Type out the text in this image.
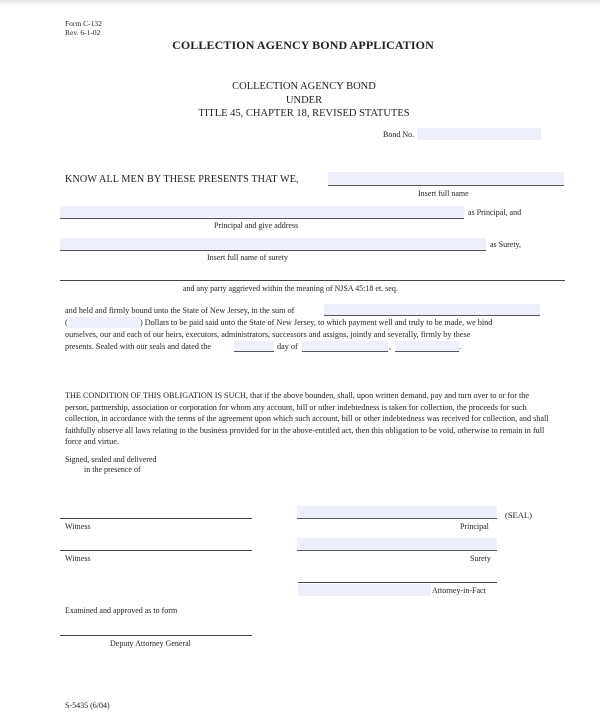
Form C-132
Rev. 6-1-02
COLLECTION AGENCY BOND APPLICATION
COLLECTION AGENCY BOND
UNDER
TITLE 45, CHAPTER 18, REVISED STATUTES
Bond No.
KNOW ALL MEN BY THESE PRESENTS THAT WE,
Insert full name
as Principal, and
Principal and give address
as Surety,
Insert full name of surety
and any party aggrieved within the meaning of NJSA 45:18 et. seq.
and held and firmly bound unto the State of New Jersey, in the sum of
(	) Dollars to be paid said unto the State of New Jersey, to which payment well and truly to be made, we bind
ourselves, our and each of our heirs, executors, administrators, successors and assigns, jointly and severally, firmly by these
presents. Sealed with our seals and dated the	day of	,	.
THE CONDITION OF THIS OBLIGATION IS SUCH, that if the above bounden, shall, upon written demand, pay and turn over to or for the person, partnership, association or corporation for whom any account, bill or other indebtedness is taken for collection, the proceeds for such collection, in accordance with the terms of the agreement upon which such account, bill or other indebtedness was received for collection, and shall faithfully observe all laws relating to the business provided for in the above-entitled act, then this obligation to be void, otherwise to remain in full force and virtue.
Signed, sealed and delivered
in the presence of
Witness
(SEAL)
Principal
Witness	Surety
Attorney-in-Fact
Examined and approved as to form
Deputy Attorney General
S-5435 (6/04)
